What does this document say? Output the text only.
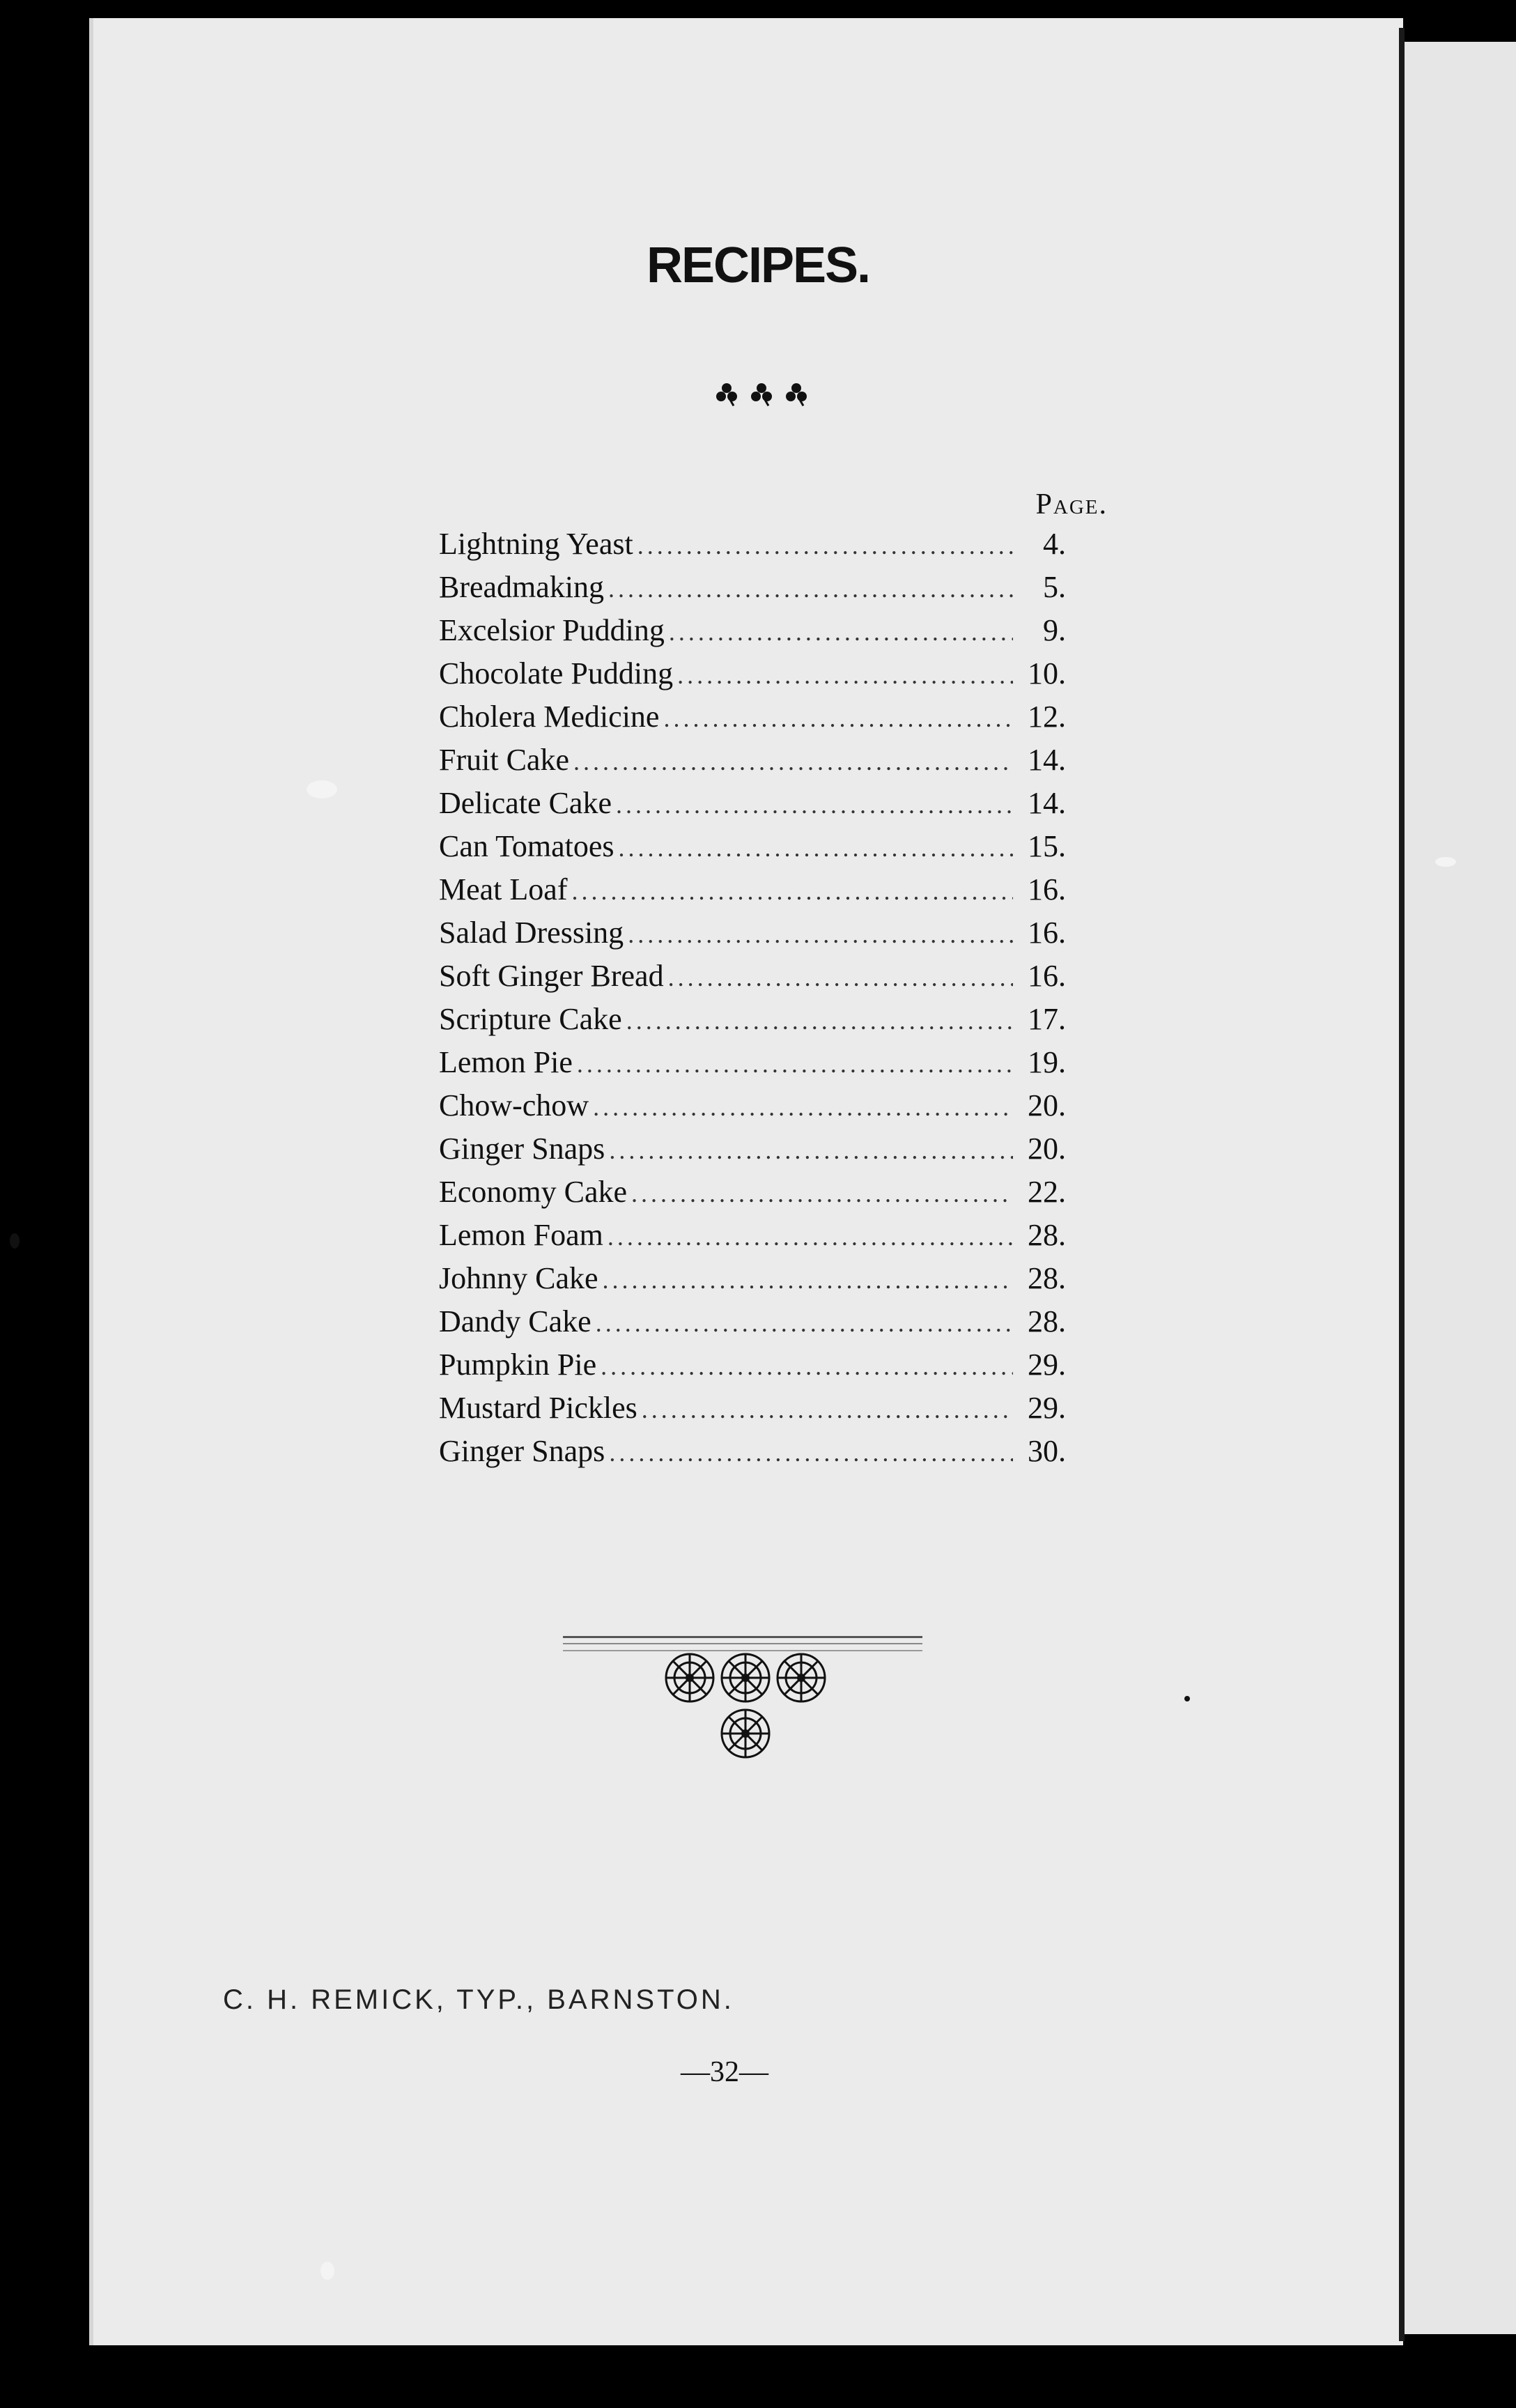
RECIPES.
Page.
Lightning Yeast .....	4.
Breadmaking .....	5.
Excelsior Pudding .....	9.
Chocolate Pudding .....	10.
Cholera Medicine .....	12.
Fruit Cake .....	14.
Delicate Cake .....	14.
Can Tomatoes .....	15.
Meat Loaf .....	16.
Salad Dressing .....	16.
Soft Ginger Bread .....	16.
Scripture Cake .....	17.
Lemon Pie .....	19.
Chow-chow .....	20.
Ginger Snaps .....	20.
Economy Cake .....	22.
Lemon Foam .....	28.
Johnny Cake .....	28.
Dandy Cake .....	28.
Pumpkin Pie .....	29.
Mustard Pickles .....	29.
Ginger Snaps .....	30.
C. H. REMICK, TYP., BARNSTON.
—32—
